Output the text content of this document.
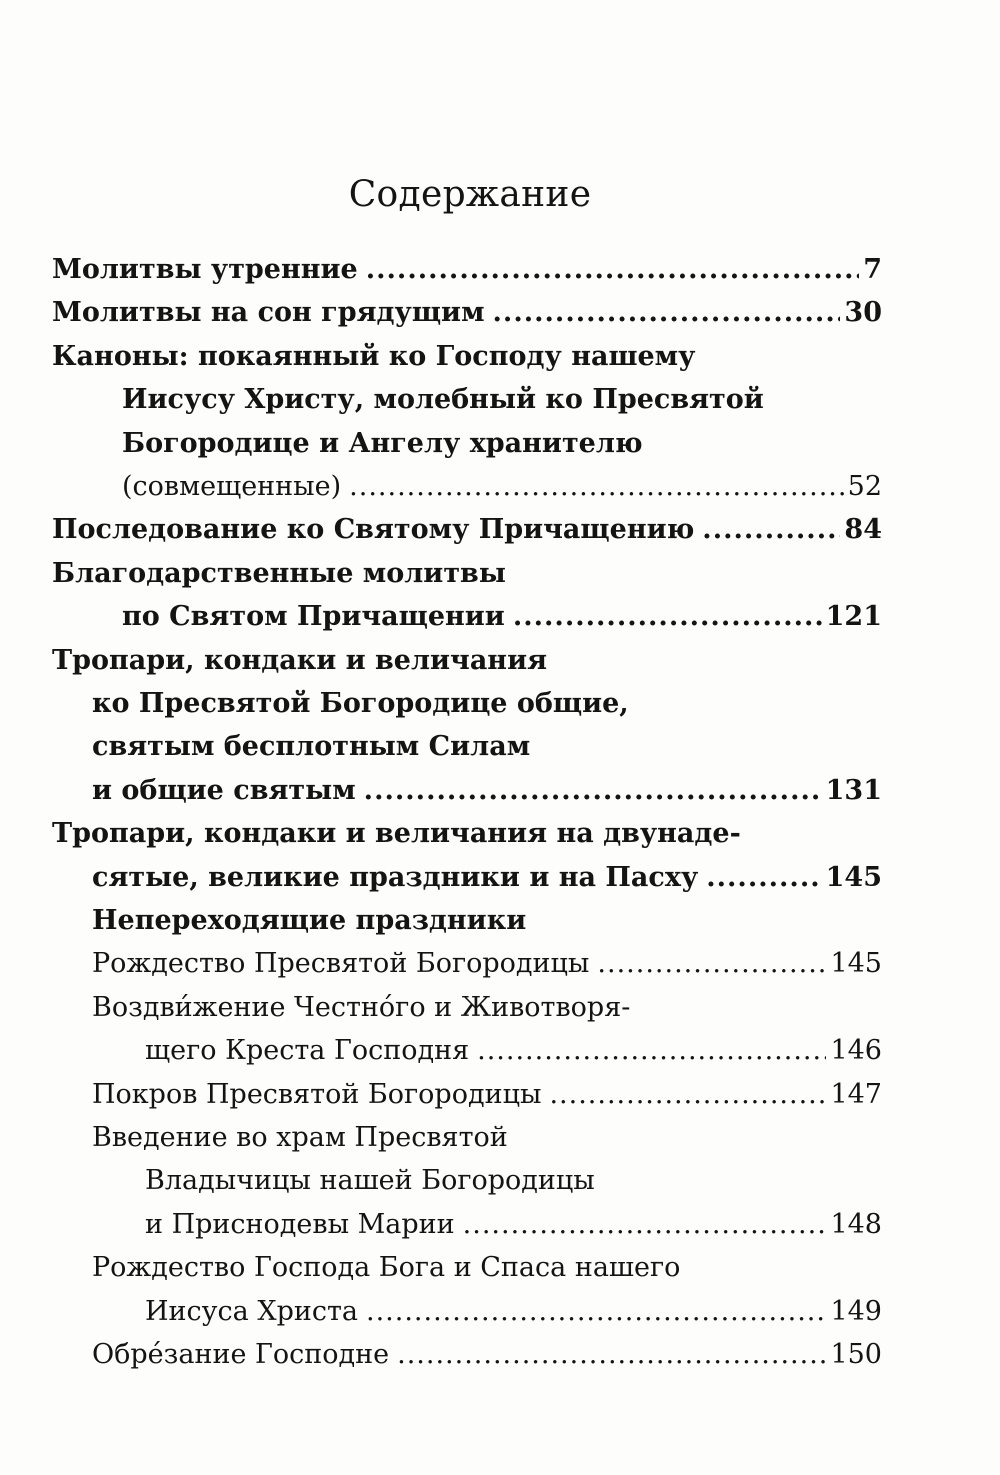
Содержание
Молитвы утренние .....	7
Молитвы на сон грядущим .....	30
Каноны: покаянный ко Господу нашему
Иисусу Христу, молебный ко Пресвятой
Богородице и Ангелу хранителю
(совмещенные) .....	52
Последование ко Святому Причащению .....	84
Благодарственные молитвы
по Святом Причащении .....	121
Тропари, кондаки и величания
ко Пресвятой Богородице общие,
святым бесплотным Силам
и общие святым .....	131
Тропари, кондаки и величания на двунаде-
сятые, великие праздники и на Пасху .....	145
Непереходящие праздники
Рождество Пресвятой Богородицы .....	145
Воздви́жение Честно́го и Животворя-
щего Креста Господня .....	146
Покров Пресвятой Богородицы .....	147
Введение во храм Пресвятой
Владычицы нашей Богородицы
и Приснодевы Марии .....	148
Рождество Господа Бога и Спаса нашего
Иисуса Христа .....	149
Обре́зание Господне .....	150
